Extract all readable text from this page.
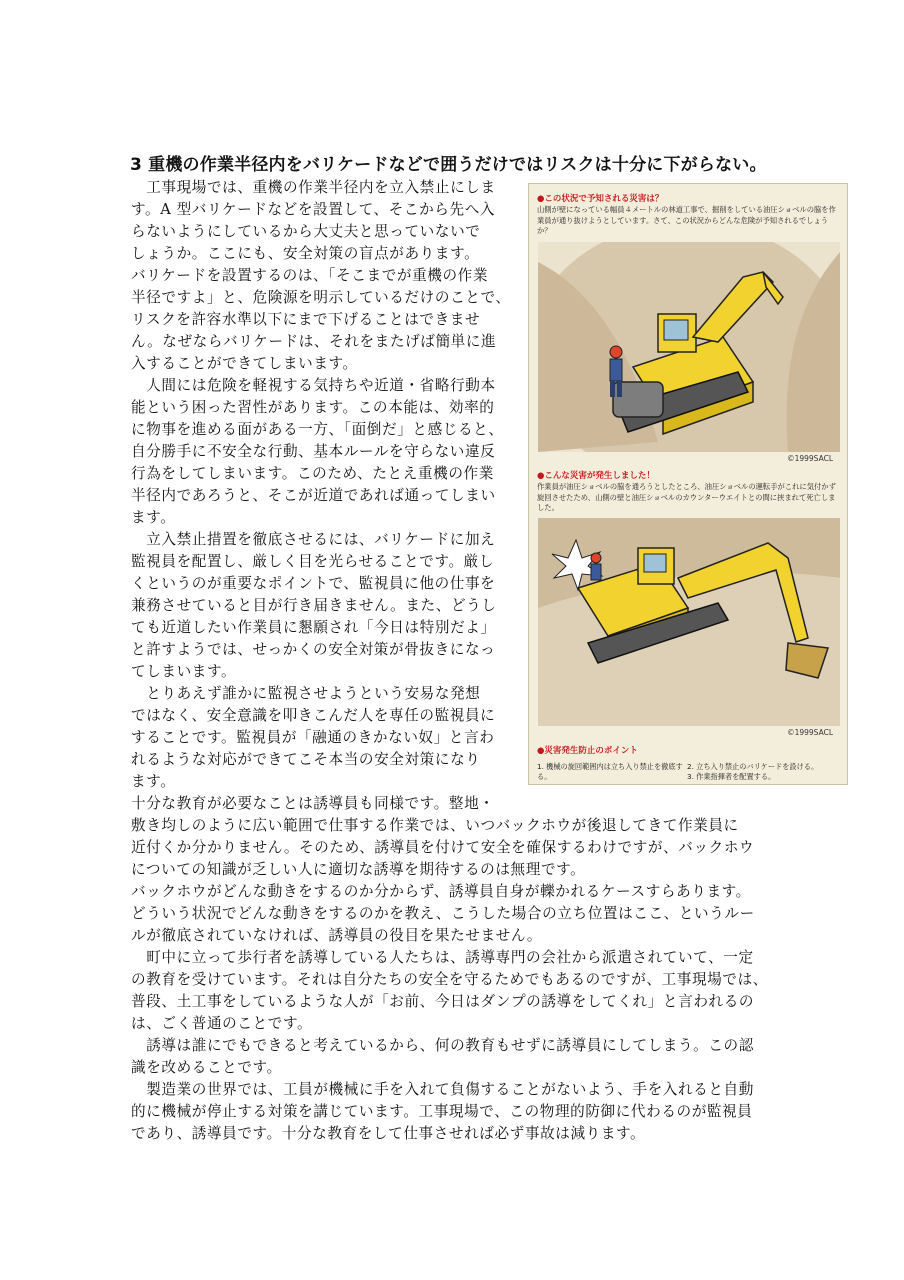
3 重機の作業半径内をバリケードなどで囲うだけではリスクは十分に下がらない。
　工事現場では、重機の作業半径内を立入禁止にしま
す。A 型バリケードなどを設置して、そこから先へ入
らないようにしているから大丈夫と思っていないで
しょうか。ここにも、安全対策の盲点があります。
バリケードを設置するのは、「そこまでが重機の作業
半径ですよ」と、危険源を明示しているだけのことで、
リスクを許容水準以下にまで下げることはできませ
ん。なぜならバリケードは、それをまたげば簡単に進
入することができてしまいます。
　人間には危険を軽視する気持ちや近道・省略行動本
能という困った習性があります。この本能は、効率的
に物事を進める面がある一方、「面倒だ」と感じると、
自分勝手に不安全な行動、基本ルールを守らない違反
行為をしてしまいます。このため、たとえ重機の作業
半径内であろうと、そこが近道であれば通ってしまい
ます。
　立入禁止措置を徹底させるには、バリケードに加え
監視員を配置し、厳しく目を光らせることです。厳し
くというのが重要なポイントで、監視員に他の仕事を
兼務させていると目が行き届きません。また、どうし
ても近道したい作業員に懇願され「今日は特別だよ」
と許すようでは、せっかくの安全対策が骨抜きになっ
てしまいます。
　とりあえず誰かに監視させようという安易な発想
ではなく、安全意識を叩きこんだ人を専任の監視員に
することです。監視員が「融通のきかない奴」と言わ
れるような対応ができてこそ本当の安全対策になり
ます。
十分な教育が必要なことは誘導員も同様です。整地・
敷き均しのように広い範囲で仕事する作業では、いつバックホウが後退してきて作業員に
近付くか分かりません。そのため、誘導員を付けて安全を確保するわけですが、バックホウ
についての知識が乏しい人に適切な誘導を期待するのは無理です。
バックホウがどんな動きをするのか分からず、誘導員自身が轢かれるケースすらあります。
どういう状況でどんな動きをするのかを教え、こうした場合の立ち位置はここ、というルー
ルが徹底されていなければ、誘導員の役目を果たせません。
　町中に立って歩行者を誘導している人たちは、誘導専門の会社から派遣されていて、一定
の教育を受けています。それは自分たちの安全を守るためでもあるのですが、工事現場では、
普段、土工事をしているような人が「お前、今日はダンプの誘導をしてくれ」と言われるの
は、ごく普通のことです。
　誘導は誰にでもできると考えているから、何の教育もせずに誘導員にしてしまう。この認
識を改めることです。
　製造業の世界では、工員が機械に手を入れて負傷することがないよう、手を入れると自動
的に機械が停止する対策を講じています。工事現場で、この物理的防御に代わるのが監視員
であり、誘導員です。十分な教育をして仕事させれば必ず事故は減ります。
●この状況で予知される災害は？
山側が壁になっている幅員４メートルの林道工事で、掘削をしている油圧ショベルの脇を作業員が通り抜けようとしています。さて、この状況からどんな危険が予知されるでしょうか？
©1999SACL
●こんな災害が発生しました！
作業員が油圧ショベルの脇を通ろうとしたところ、油圧ショベルの運転手がこれに気付かず旋回させたため、山側の壁と油圧ショベルのカウンターウエイトとの間に挟まれて死亡しました。
©1999SACL
●災害発生防止のポイント
1. 機械の旋回範囲内は立ち入り禁止を徹底する。
2. 立ち入り禁止のバリケードを設ける。
3. 作業指揮者を配置する。
